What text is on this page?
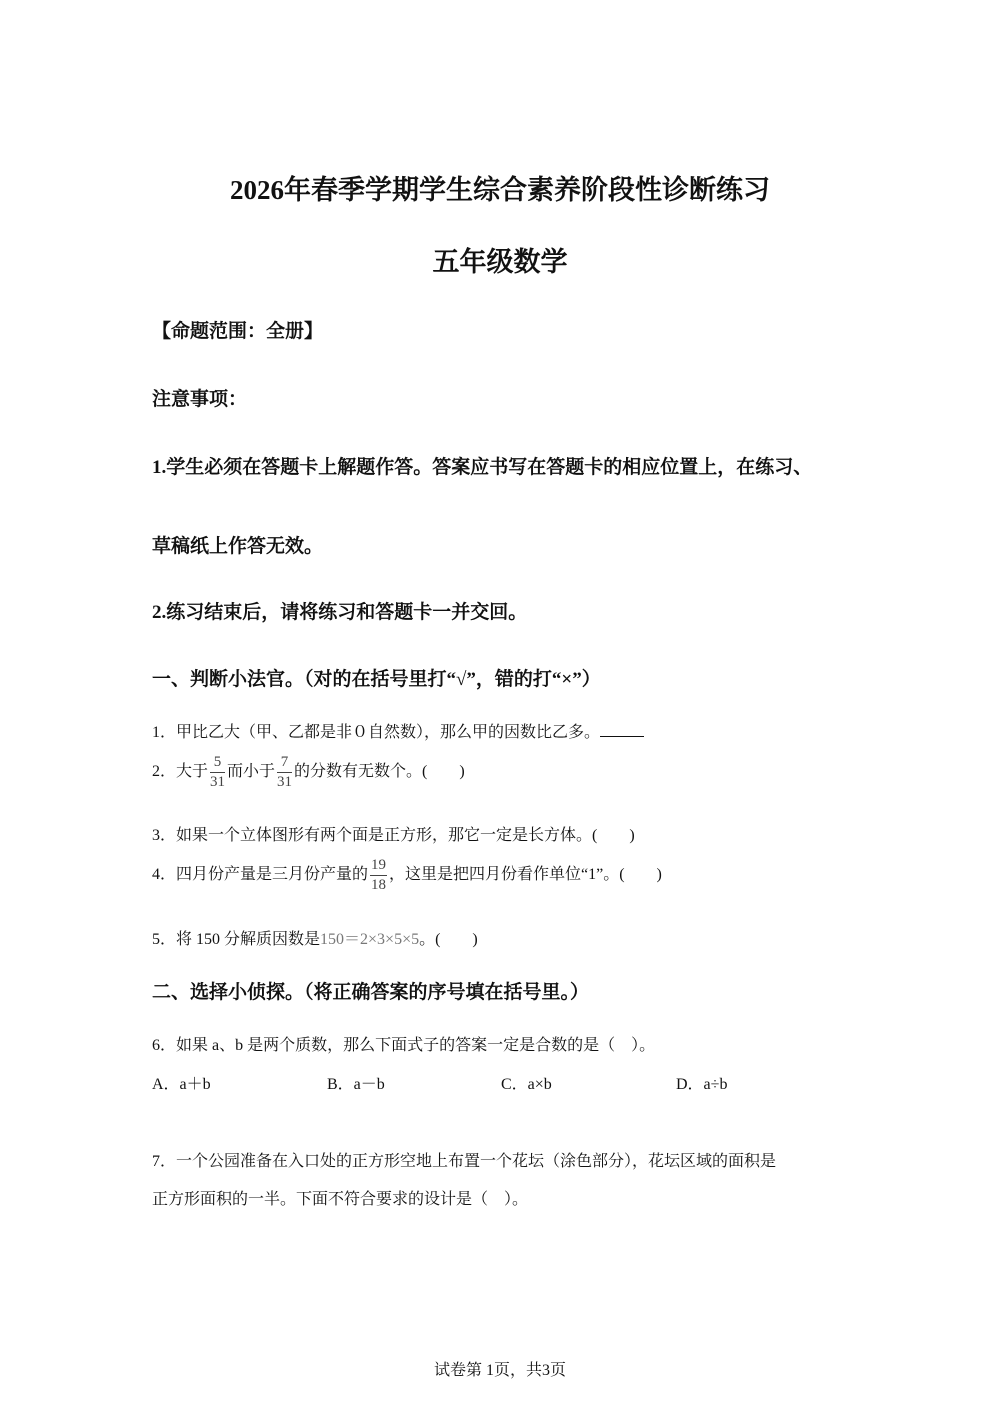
2026年春季学期学生综合素养阶段性诊断练习
五年级数学
【命题范围：全册】
注意事项：
1.学生必须在答题卡上解题作答。答案应书写在答题卡的相应位置上，在练习、
草稿纸上作答无效。
2.练习结束后，请将练习和答题卡一并交回。
一、判断小法官。（对的在括号里打“√”，错的打“×”）
1．甲比乙大（甲、乙都是非０自然数），那么甲的因数比乙多。
2．大于 $\frac{5}{31}$ 而小于 $\frac{7}{31}$ 的分数有无数个。(　　)
3．如果一个立体图形有两个面是正方形，那它一定是长方体。(　　)
4．四月份产量是三月份产量的 $\frac{19}{18}$ ，这里是把四月份看作单位“1”。(　　)
5．将 150 分解质因数是150＝2×3×5×5。(　　)
二、选择小侦探。（将正确答案的序号填在括号里。）
6．如果 a、b 是两个质数，那么下面式子的答案一定是合数的是（　）。
A．a＋b	B．a－b	C．a×b	D．a÷b
7．一个公园准备在入口处的正方形空地上布置一个花坛（涂色部分），花坛区域的面积是
正方形面积的一半。下面不符合要求的设计是（　）。
试卷第 1页，共3页
